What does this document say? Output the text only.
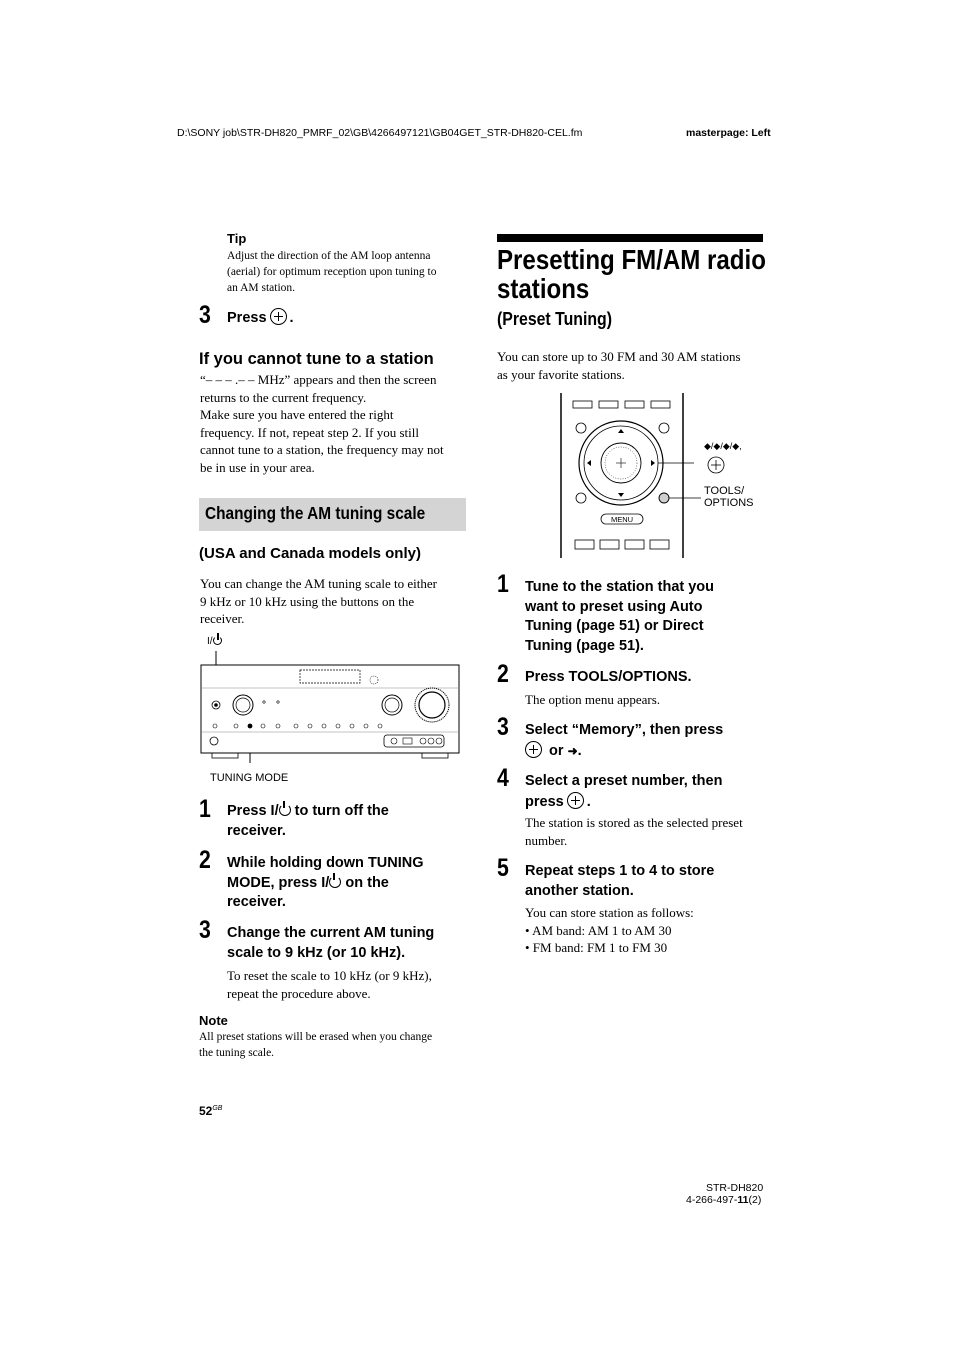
D:\SONY job\STR-DH820_PMRF_02\GB\4266497121\GB04GET_STR-DH820-CEL.fm	masterpage: Left
Tip
Adjust the direction of the AM loop antenna
(aerial) for optimum reception upon tuning to
an AM station.
3 Press .
If you cannot tune to a station
“– – – .– – MHz” appears and then the screen
returns to the current frequency.
Make sure you have entered the right
frequency. If not, repeat step 2. If you still
cannot tune to a station, the frequency may not
be in use in your area.
Changing the AM tuning scale
(USA and Canada models only)
You can change the AM tuning scale to either
9 kHz or 10 kHz using the buttons on the
receiver.
I/
TUNING MODE
1 Press I/ to turn off the
receiver.
2 While holding down TUNING
MODE, press I/ on the
receiver.
3 Change the current AM tuning
scale to 9 kHz (or 10 kHz).
To reset the scale to 10 kHz (or 9 kHz),
repeat the procedure above.
Note
All preset stations will be erased when you change
the tuning scale.
$52^{GB}$
Presetting FM/AM radio
stations
(Preset Tuning)
You can store up to 30 FM and 30 AM stations
as your favorite stations.
MENU
◆/◆/◆/◆,
TOOLS/
OPTIONS
1 Tune to the station that you
want to preset using Auto
Tuning (page 51) or Direct
Tuning (page 51).
2 Press TOOLS/OPTIONS.
The option menu appears.
3 Select “Memory”, then press
or ➜.
4 Select a preset number, then
press .
The station is stored as the selected preset
number.
5 Repeat steps 1 to 4 to store
another station.
You can store station as follows:
• AM band: AM 1 to AM 30
• FM band: FM 1 to FM 30
STR-DH820
4-266-497-11(2)
